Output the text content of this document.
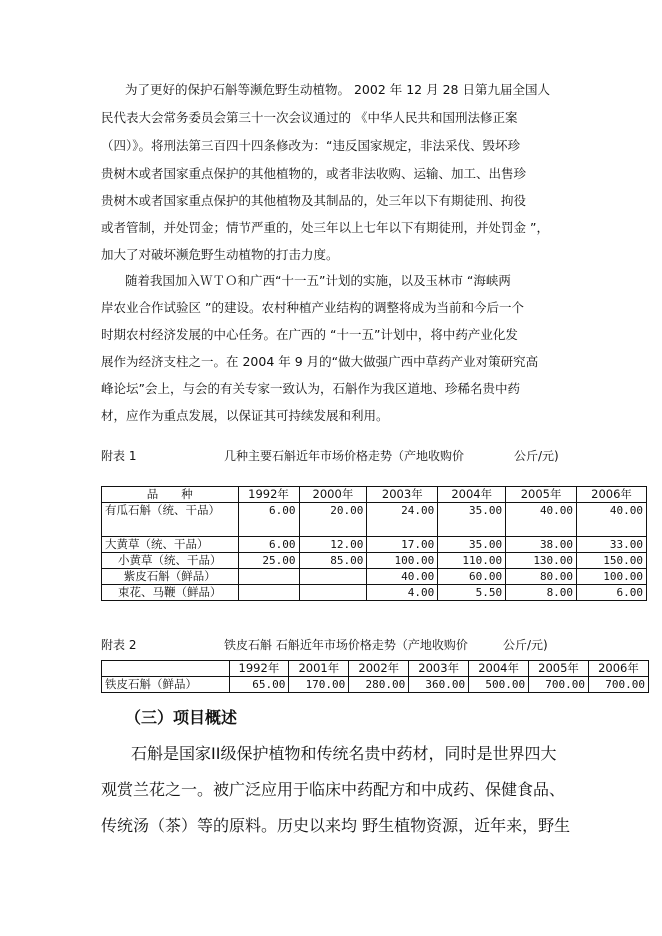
为了更好的保护石斛等濒危野生动植物。 2002 年 12 月 28 日第九届全国人
民代表大会常务委员会第三十一次会议通过的 《中华人民共和国刑法修正案
（四）》。将刑法第三百四十四条修改为：“违反国家规定，非法采伐、毁坏珍
贵树木或者国家重点保护的其他植物的，或者非法收购、运输、加工、出售珍
贵树木或者国家重点保护的其他植物及其制品的，处三年以下有期徒刑、拘役
或者管制，并处罚金；情节严重的，处三年以上七年以下有期徒刑，并处罚金 ”，
加大了对破坏濒危野生动植物的打击力度。
随着我国加入ＷＴＯ和广西“十一五”计划的实施，以及玉林市 “海峡两
岸农业合作试验区 ”的建设。农村种植产业结构的调整将成为当前和今后一个
时期农村经济发展的中心任务。在广西的 “十一五”计划中，将中药产业化发
展作为经济支柱之一。在 2004 年 9 月的“做大做强广西中草药产业对策研究高
峰论坛”会上，与会的有关专家一致认为，石斛作为我区道地、珍稀名贵中药
材，应作为重点发展，以保证其可持续发展和利用。
附表 1	几种主要石斛近年市场价格走势（产地收购价	公斤/元)
品　　种	1992年	2000年	2003年	2004年	2005年	2006年
有瓜石斛（统、干品）	6.00	20.00	24.00	35.00	40.00	40.00
大黄草（统、干品）	6.00	12.00	17.00	35.00	38.00	33.00
小黄草（统、干品）	25.00	85.00	100.00	110.00	130.00	150.00
紫皮石斛（鲜品）			40.00	60.00	80.00	100.00
束花、马鞭（鲜品）			4.00	5.50	8.00	6.00
附表 2	铁皮石斛 石斛近年市场价格走势（产地收购价	公斤/元)
	1992年	2001年	2002年	2003年	2004年	2005年	2006年
铁皮石斛（鲜品）	65.00	170.00	280.00	360.00	500.00	700.00	700.00
（三）项目概述
石斛是国家II级保护植物和传统名贵中药材，同时是世界四大
观赏兰花之一。被广泛应用于临床中药配方和中成药、保健食品、
传统汤（茶）等的原料。历史以来均 野生植物资源，近年来，野生
